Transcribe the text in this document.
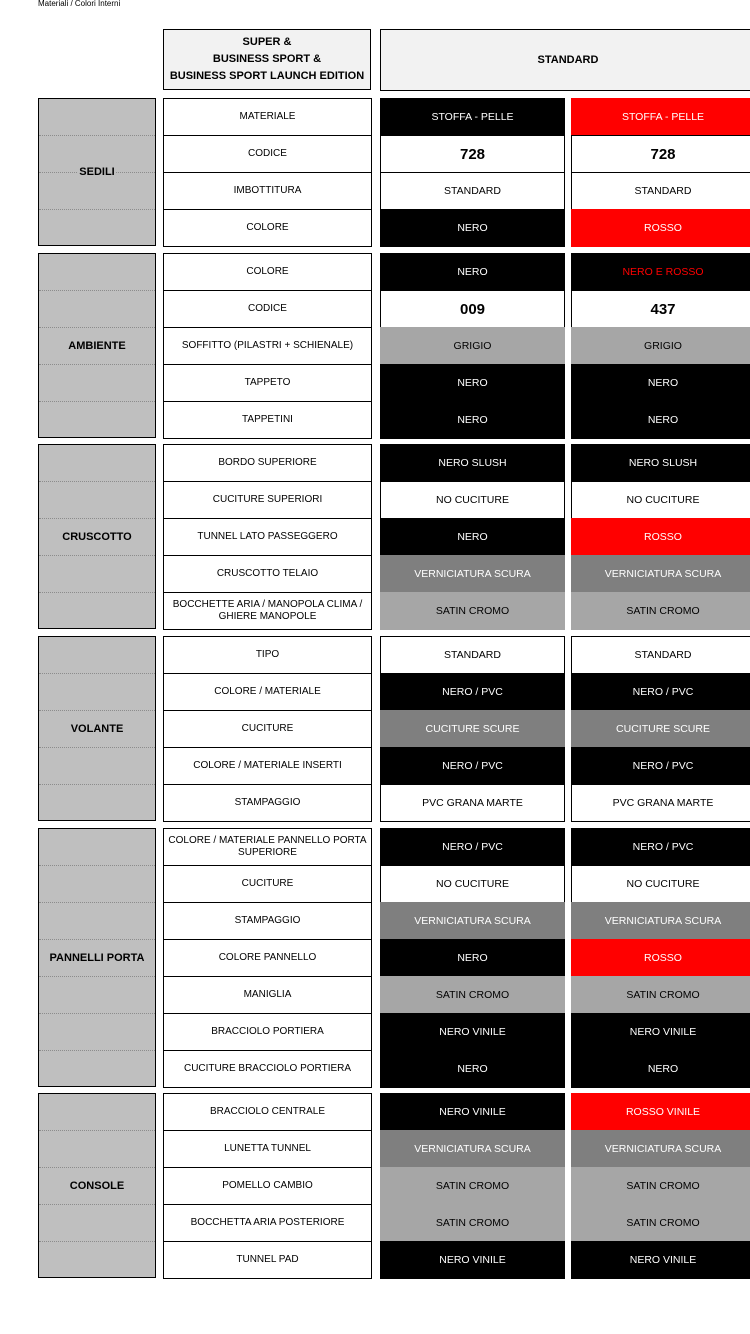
Materiali / Colori Interni
SUPER &
BUSINESS SPORT &
BUSINESS SPORT LAUNCH EDITION
STANDARD
SEDILI
MATERIALE	STOFFA - PELLE	STOFFA - PELLE
CODICE	728	728
IMBOTTITURA	STANDARD	STANDARD
COLORE	NERO	ROSSO
AMBIENTE
COLORE	NERO	NERO E ROSSO
CODICE	009	437
SOFFITTO (PILASTRI + SCHIENALE)	GRIGIO	GRIGIO
TAPPETO	NERO	NERO
TAPPETINI	NERO	NERO
CRUSCOTTO
BORDO SUPERIORE	NERO SLUSH	NERO SLUSH
CUCITURE SUPERIORI	NO CUCITURE	NO CUCITURE
TUNNEL LATO PASSEGGERO	NERO	ROSSO
CRUSCOTTO TELAIO	VERNICIATURA SCURA	VERNICIATURA SCURA
BOCCHETTE ARIA / MANOPOLA CLIMA / GHIERE MANOPOLE	SATIN CROMO	SATIN CROMO
VOLANTE
TIPO	STANDARD	STANDARD
COLORE / MATERIALE	NERO / PVC	NERO / PVC
CUCITURE	CUCITURE SCURE	CUCITURE SCURE
COLORE / MATERIALE INSERTI	NERO / PVC	NERO / PVC
STAMPAGGIO	PVC GRANA MARTE	PVC GRANA MARTE
PANNELLI PORTA
COLORE / MATERIALE PANNELLO PORTA SUPERIORE	NERO / PVC	NERO / PVC
CUCITURE	NO CUCITURE	NO CUCITURE
STAMPAGGIO	VERNICIATURA SCURA	VERNICIATURA SCURA
COLORE PANNELLO	NERO	ROSSO
MANIGLIA	SATIN CROMO	SATIN CROMO
BRACCIOLO PORTIERA	NERO VINILE	NERO VINILE
CUCITURE BRACCIOLO PORTIERA	NERO	NERO
CONSOLE
BRACCIOLO CENTRALE	NERO VINILE	ROSSO VINILE
LUNETTA TUNNEL	VERNICIATURA SCURA	VERNICIATURA SCURA
POMELLO CAMBIO	SATIN CROMO	SATIN CROMO
BOCCHETTA ARIA POSTERIORE	SATIN CROMO	SATIN CROMO
TUNNEL PAD	NERO VINILE	NERO VINILE
